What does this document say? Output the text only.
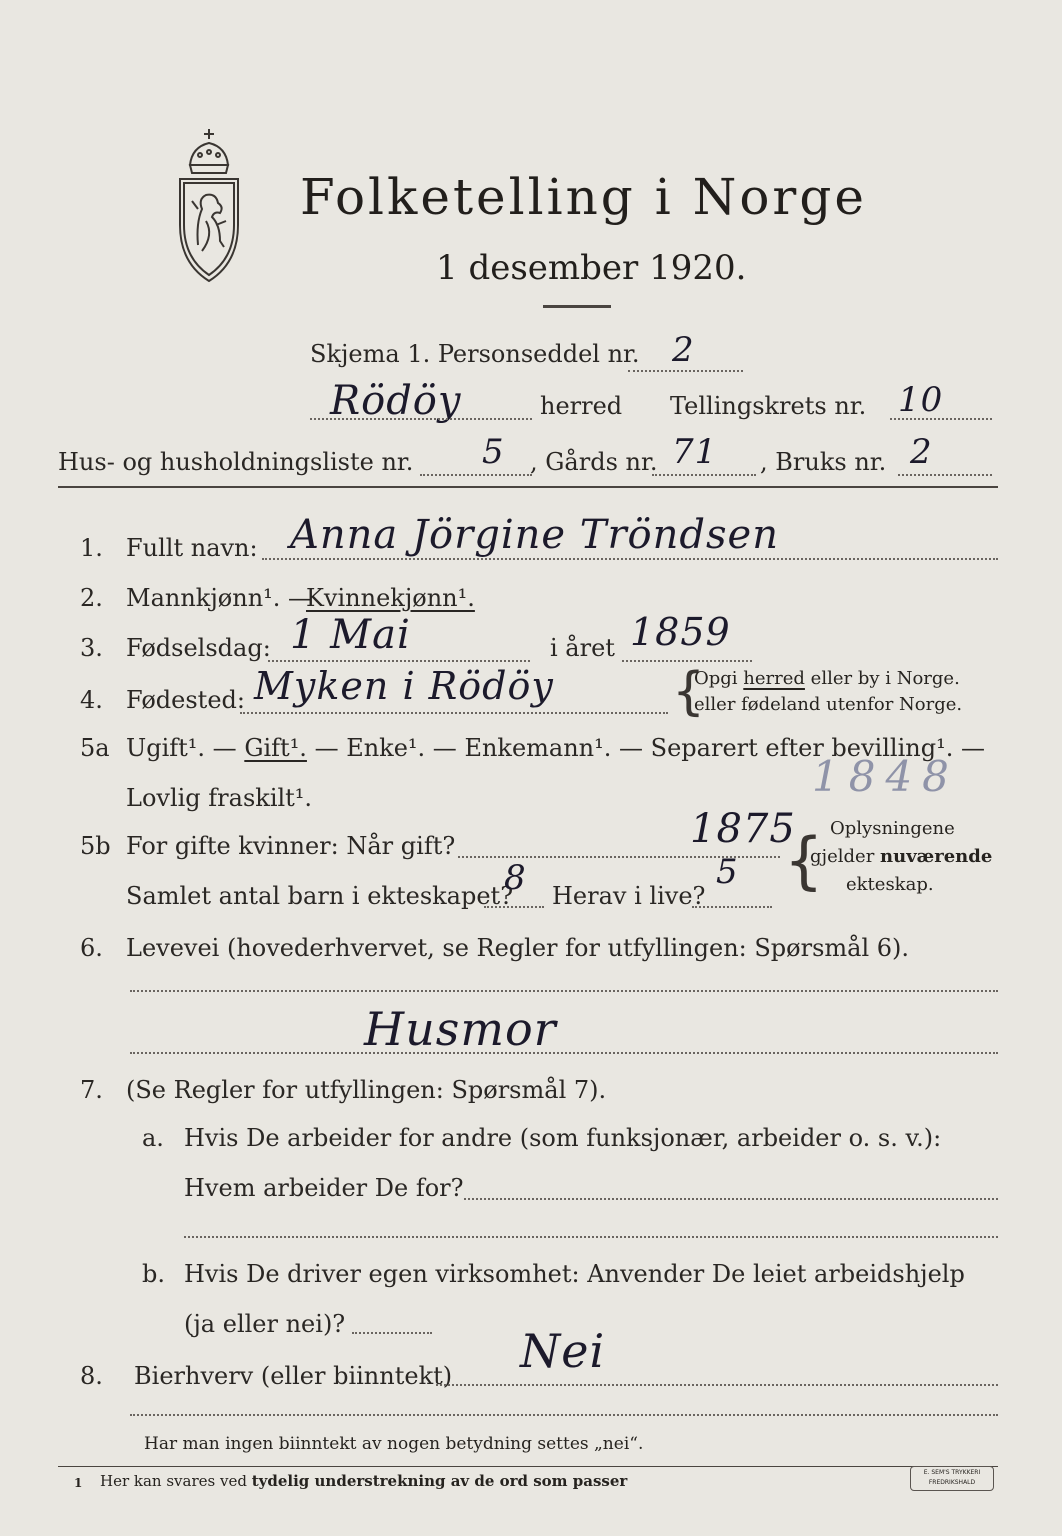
Folketelling i Norge
1 desember 1920.
Skjema 1. Personseddel nr. 2
Rödöy	herred Tellingskrets nr. 10
Hus- og husholdningsliste nr. 5 , Gårds nr. 71 , Bruks nr. 2
1. Fullt navn: Anna Jörgine Tröndsen
2. Mannkjønn¹. —
Kvinnekjønn¹.
3. Fødselsdag: 1 Mai	i året 1859
4. Fødested: Myken i Rödöy {
Opgi herred eller by i Norge.
eller fødeland utenfor Norge.
5a Ugift¹. — Gift¹. — Enke¹. — Enkemann¹. — Separert efter bevilling¹. —
Lovlig fraskilt¹.	1848
5b For gifte kvinner: Når gift?	1875
Samlet antal barn i ekteskapet?
8 Herav i live?
5 { Oplysningene
gjelder nuværende
ekteskap.
6. Levevei (hovederhvervet, se Regler for utfyllingen: Spørsmål 6).
Husmor
7. (Se Regler for utfyllingen: Spørsmål 7).
a. Hvis De arbeider for andre (som funksjonær, arbeider o. s. v.):
Hvem arbeider De for?
b. Hvis De driver egen virksomhet: Anvender De leiet arbeidshjelp
(ja eller nei)?
8. Bierhverv (eller biinntekt) Nei
Har man ingen biinntekt av nogen betydning settes „nei“.
1 Her kan svares ved tydelig understrekning av de ord som passer	E. SEM'S TRYKKERI
FREDRIKSHALD
